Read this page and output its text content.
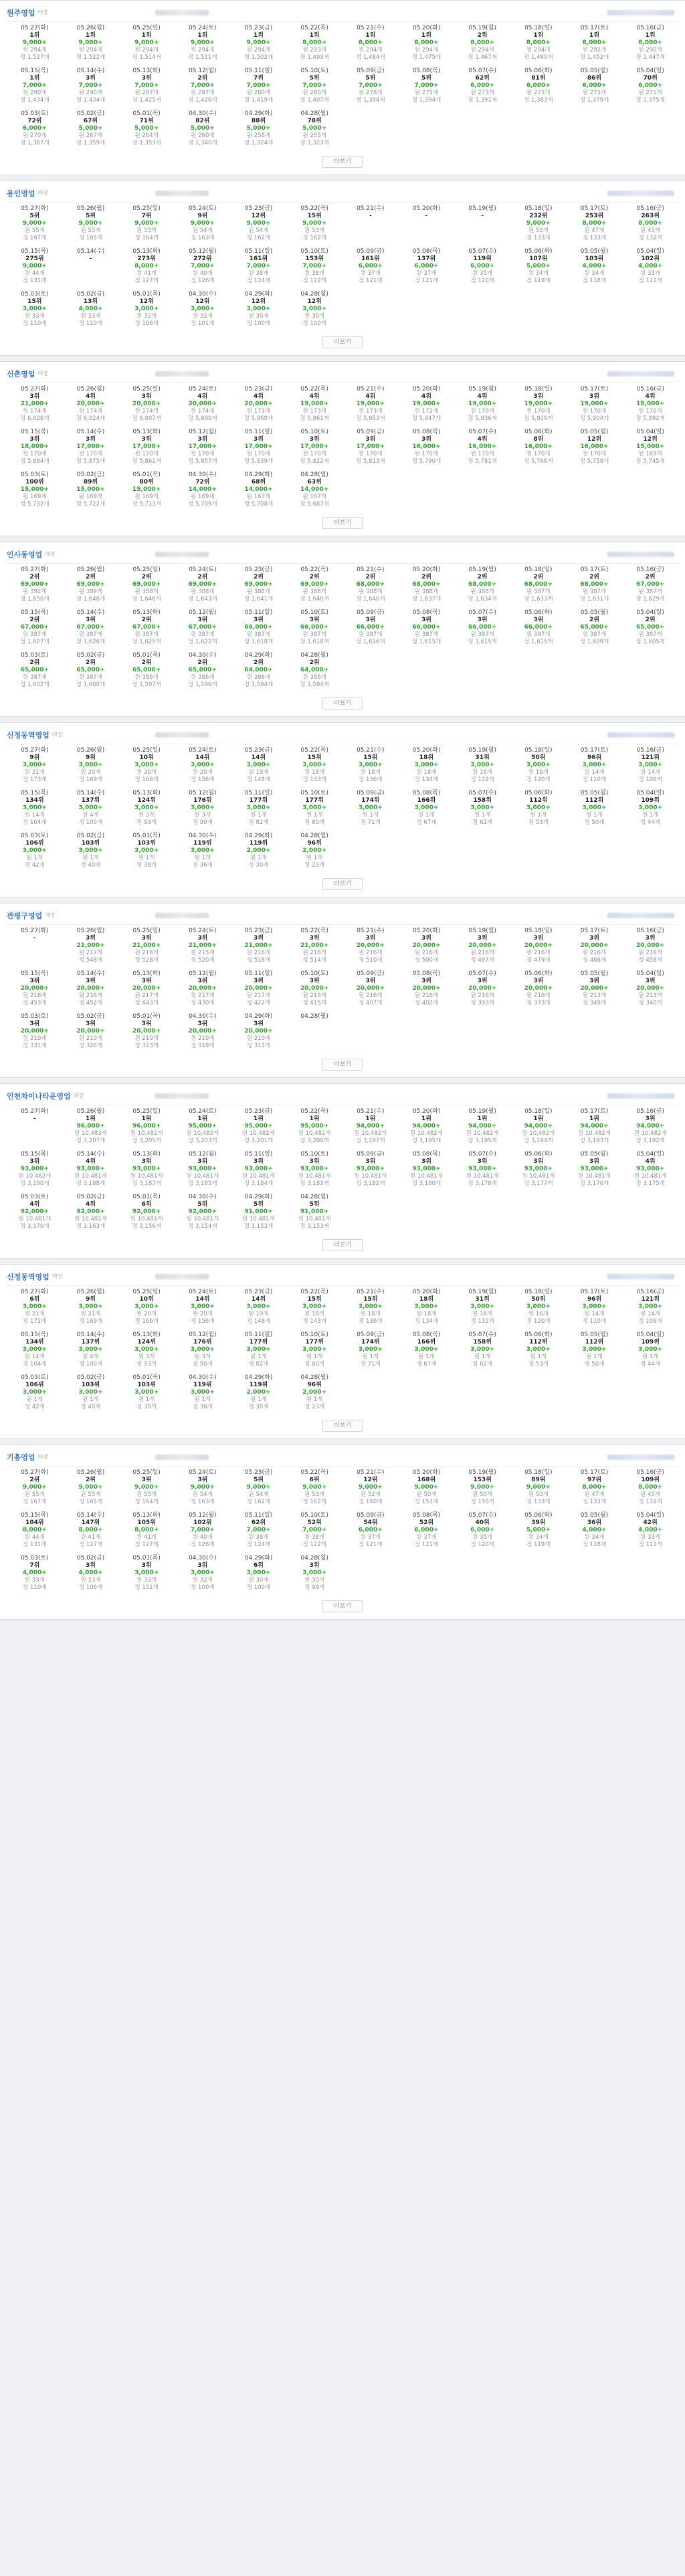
원주영업 매장
05.27(화)
1위
9,000+
원 294개
정 1,527개
05.26(월)
1위
9,000+
원 294개
정 1,522개
05.25(일)
1위
9,000+
원 294개
정 1,514개
05.24(토)
1위
9,000+
원 294개
정 1,511개
05.23(금)
1위
9,000+
원 294개
정 1,502개
05.22(목)
1위
8,000+
원 293개
정 1,493개
05.21(수)
1위
8,000+
원 294개
정 1,484개
05.20(화)
1위
8,000+
원 294개
정 1,475개
05.19(월)
2위
8,000+
원 294개
정 1,467개
05.18(일)
1위
8,000+
원 294개
정 1,460개
05.17(토)
1위
8,000+
원 292개
정 1,452개
05.16(금)
1위
8,000+
원 290개
정 1,447개
05.15(목)
1위
7,000+
원 290개
정 1,434개
05.14(수)
3위
7,000+
원 290개
정 1,434개
05.13(화)
3위
7,000+
원 287개
정 1,425개
05.12(월)
2위
7,000+
원 287개
정 1,426개
05.11(일)
7위
7,000+
원 280개
정 1,419개
05.10(토)
5위
7,000+
원 280개
정 1,407개
05.09(금)
5위
7,000+
원 278개
정 1,394개
05.08(목)
5위
7,000+
원 275개
정 1,394개
05.07(수)
62위
6,000+
원 273개
정 1,391개
05.06(화)
81위
6,000+
원 273개
정 1,383개
05.05(월)
86위
6,000+
원 273개
정 1,379개
05.04(일)
70위
6,000+
원 271개
정 1,375개
05.03(토)
72위
6,000+
원 270개
정 1,367개
05.02(금)
67위
5,000+
원 267개
정 1,359개
05.01(목)
71위
5,000+
원 264개
정 1,353개
04.30(수)
82위
5,000+
원 260개
정 1,340개
04.29(화)
88위
5,000+
원 258개
정 1,324개
04.28(월)
78위
5,000+
원 255개
정 1,323개
더보기
용인영업 매장
05.27(화)
5위
9,000+
원 55개
정 167개
05.26(월)
5위
9,000+
원 55개
정 165개
05.25(일)
7위
9,000+
원 55개
정 164개
05.24(토)
9위
9,000+
원 54개
정 163개
05.23(금)
12위
9,000+
원 54개
정 162개
05.22(목)
15위
9,000+
원 53개
정 162개
05.21(수)
-

05.20(화)
-

05.19(월)
-

05.18(일)
232위
9,000+
원 50개
정 133개
05.17(토)
253위
8,000+
원 47개
정 133개
05.16(금)
263위
8,000+
원 45개
정 132개
05.15(목)
275위
9,000+
원 44개
정 131개
05.14(수)
-

05.13(화)
273위
8,000+
원 41개
정 127개
05.12(월)
272위
7,000+
원 40개
정 126개
05.11(일)
161위
7,000+
원 38개
정 124개
05.10(토)
153위
7,000+
원 38개
정 122개
05.09(금)
161위
6,000+
원 37개
정 121개
05.08(목)
137위
6,000+
원 37개
정 121개
05.07(수)
119위
6,000+
원 35개
정 120개
05.06(화)
107위
5,000+
원 34개
정 119개
05.05(월)
103위
4,000+
원 34개
정 118개
05.04(일)
102위
4,000+
원 33개
정 111개
05.03(토)
15위
3,000+
원 33개
정 110개
05.02(금)
13위
4,000+
원 33개
정 110개
05.01(목)
12위
3,000+
원 32개
정 106개
04.30(수)
12위
3,000+
원 32개
정 101개
04.29(화)
12위
3,000+
원 30개
정 100개
04.28(월)
12위
3,000+
원 30개
정 100개
더보기
신촌영업 매장
05.27(화)
3위
21,000+
원 174개
정 6,026개
05.26(월)
4위
20,000+
원 174개
정 6,024개
05.25(일)
3위
20,000+
원 174개
정 6,007개
05.24(토)
4위
20,000+
원 174개
정 5,990개
05.23(금)
4위
20,000+
원 173개
정 5,968개
05.22(목)
4위
19,000+
원 173개
정 5,961개
05.21(수)
4위
19,000+
원 173개
정 5,953개
05.20(화)
4위
19,000+
원 172개
정 5,947개
05.19(월)
4위
19,000+
원 170개
정 5,936개
05.18(일)
3위
19,000+
원 170개
정 5,919개
05.17(토)
3위
19,000+
원 170개
정 5,904개
05.16(금)
4위
18,000+
원 170개
정 5,892개
05.15(목)
3위
18,000+
원 170개
정 5,884개
05.14(수)
3위
17,000+
원 170개
정 5,875개
05.13(화)
3위
17,000+
원 170개
정 5,861개
05.12(월)
3위
17,000+
원 170개
정 5,857개
05.11(일)
3위
17,000+
원 170개
정 5,839개
05.10(토)
3위
17,000+
원 170개
정 5,822개
05.09(금)
3위
17,000+
원 170개
정 5,813개
05.08(목)
3위
16,000+
원 170개
정 5,790개
05.07(수)
4위
16,000+
원 170개
정 5,781개
05.06(화)
8위
16,000+
원 170개
정 5,766개
05.05(월)
12위
16,000+
원 170개
정 5,758개
05.04(일)
12위
15,000+
원 169개
정 5,745개
05.03(토)
100위
15,000+
원 169개
정 5,732개
05.02(금)
89위
15,000+
원 169개
정 5,722개
05.01(목)
80위
15,000+
원 169개
정 5,713개
04.30(수)
72위
14,000+
원 169개
정 5,709개
04.29(화)
68위
14,000+
원 167개
정 5,708개
04.28(월)
63위
14,000+
원 167개
정 5,687개
더보기
인사동영업 매장
05.27(화)
2위
69,000+
원 392개
정 1,650개
05.26(월)
2위
69,000+
원 389개
정 1,648개
05.25(일)
2위
69,000+
원 388개
정 1,646개
05.24(토)
2위
69,000+
원 388개
정 1,643개
05.23(금)
2위
69,000+
원 388개
정 1,641개
05.22(목)
2위
69,000+
원 388개
정 1,640개
05.21(수)
2위
68,000+
원 388개
정 1,640개
05.20(화)
2위
68,000+
원 388개
정 1,637개
05.19(월)
2위
68,000+
원 388개
정 1,634개
05.18(일)
2위
68,000+
원 387개
정 1,633개
05.17(토)
2위
68,000+
원 387개
정 1,631개
05.16(금)
2위
67,000+
원 387개
정 1,629개
05.15(목)
2위
67,000+
원 387개
정 1,627개
05.14(수)
3위
67,000+
원 387개
정 1,626개
05.13(화)
2위
67,000+
원 387개
정 1,625개
05.12(월)
3위
67,000+
원 387개
정 1,622개
05.11(일)
3위
66,000+
원 387개
정 1,618개
05.10(토)
3위
66,000+
원 387개
정 1,618개
05.09(금)
3위
66,000+
원 387개
정 1,616개
05.08(목)
3위
66,000+
원 387개
정 1,615개
05.07(수)
3위
66,000+
원 387개
정 1,615개
05.06(화)
3위
66,000+
원 387개
정 1,615개
05.05(월)
2위
65,000+
원 387개
정 1,609개
05.04(일)
2위
65,000+
원 387개
정 1,605개
05.03(토)
2위
65,000+
원 387개
정 1,602개
05.02(금)
2위
65,000+
원 387개
정 1,600개
05.01(목)
2위
65,000+
원 386개
정 1,597개
04.30(수)
2위
65,000+
원 386개
정 1,596개
04.29(화)
2위
64,000+
원 386개
정 1,594개
04.28(월)
2위
64,000+
원 386개
정 1,594개
더보기
신정동역영업 매장
05.27(화)
9위
3,000+
원 21개
정 173개
05.26(월)
9위
3,000+
원 20개
정 169개
05.25(일)
10위
3,000+
원 20개
정 166개
05.24(토)
14위
3,000+
원 20개
정 156개
05.23(금)
14위
3,000+
원 19개
정 148개
05.22(목)
15위
3,000+
원 18개
정 143개
05.21(수)
15위
3,000+
원 18개
정 136개
05.20(화)
18위
3,000+
원 18개
정 134개
05.19(월)
31위
3,000+
원 16개
정 132개
05.18(일)
50위
3,000+
원 16개
정 120개
05.17(토)
96위
3,000+
원 14개
정 110개
05.16(금)
121위
3,000+
원 14개
정 106개
05.15(목)
134위
3,000+
원 14개
정 104개
05.14(수)
137위
3,000+
원 4개
정 100개
05.13(화)
124위
3,000+
원 3개
정 93개
05.12(월)
176위
3,000+
원 3개
정 90개
05.11(일)
177위
3,000+
원 1개
정 82개
05.10(토)
177위
3,000+
원 1개
정 80개
05.09(금)
174위
3,000+
원 1개
정 71개
05.08(목)
166위
3,000+
원 1개
정 67개
05.07(수)
158위
3,000+
원 1개
정 62개
05.06(화)
112위
3,000+
원 1개
정 53개
05.05(월)
112위
3,000+
원 1개
정 50개
05.04(일)
109위
3,000+
원 1개
정 44개
05.03(토)
106위
3,000+
원 1개
정 42개
05.02(금)
103위
3,000+
원 1개
정 40개
05.01(목)
103위
3,000+
원 1개
정 38개
04.30(수)
119위
3,000+
원 1개
정 36개
04.29(화)
119위
2,000+
원 1개
정 30개
04.28(월)
96위
2,000+
원 1개
정 23개
더보기
관평구영업 매장
05.27(화)
-

05.26(월)
3위
21,000+
원 217개
정 548개
05.25(일)
3위
21,000+
원 216개
정 528개
05.24(토)
3위
21,000+
원 215개
정 520개
05.23(금)
3위
21,000+
원 216개
정 518개
05.22(목)
3위
21,000+
원 216개
정 514개
05.21(수)
3위
20,000+
원 216개
정 510개
05.20(화)
3위
20,000+
원 216개
정 500개
05.19(월)
3위
20,000+
원 216개
정 497개
05.18(일)
3위
20,000+
원 216개
정 479개
05.17(토)
3위
20,000+
원 216개
정 466개
05.16(금)
3위
20,000+
원 216개
정 458개
05.15(목)
3위
20,000+
원 216개
정 453개
05.14(수)
3위
20,000+
원 216개
정 452개
05.13(화)
3위
20,000+
원 217개
정 443개
05.12(월)
3위
20,000+
원 217개
정 430개
05.11(일)
3위
20,000+
원 217개
정 422개
05.10(토)
3위
20,000+
원 216개
정 415개
05.09(금)
3위
20,000+
원 216개
정 407개
05.08(목)
3위
20,000+
원 216개
정 402개
05.07(수)
3위
20,000+
원 216개
정 393개
05.06(화)
3위
20,000+
원 216개
정 373개
05.05(월)
3위
20,000+
원 213개
정 349개
05.04(일)
3위
20,000+
원 213개
정 340개
05.03(토)
3위
20,000+
원 210개
정 331개
05.02(금)
3위
20,000+
원 210개
정 326개
05.01(목)
3위
20,000+
원 210개
정 323개
04.30(수)
3위
20,000+
원 210개
정 319개
04.29(화)
3위
20,000+
원 210개
정 313개
04.28(월)

더보기
인천차이나타운영업 매장
05.27(화)
-

05.26(월)
1위
96,000+
원 10,483개
정 3,207개
05.25(일)
1위
96,000+
원 10,482개
정 3,205개
05.24(토)
1위
95,000+
원 10,482개
정 3,203개
05.23(금)
1위
95,000+
원 10,482개
정 3,201개
05.22(목)
1위
95,000+
원 10,482개
정 3,200개
05.21(수)
1위
94,000+
원 10,482개
정 3,197개
05.20(화)
1위
94,000+
원 10,482개
정 3,195개
05.19(월)
1위
94,000+
원 10,482개
정 3,195개
05.18(일)
1위
94,000+
원 10,482개
정 3,194개
05.17(토)
1위
94,000+
원 10,482개
정 3,193개
05.16(금)
3위
94,000+
원 10,482개
정 3,192개
05.15(목)
3위
93,000+
원 10,482개
정 3,190개
05.14(수)
4위
93,000+
원 10,481개
정 3,188개
05.13(화)
3위
93,000+
원 10,481개
정 3,187개
05.12(월)
3위
93,000+
원 10,481개
정 3,185개
05.11(일)
3위
93,000+
원 10,481개
정 3,184개
05.10(토)
3위
93,000+
원 10,481개
정 3,183개
05.09(금)
3위
93,000+
원 10,481개
정 3,182개
05.08(목)
3위
93,000+
원 10,481개
정 3,180개
05.07(수)
3위
93,000+
원 10,481개
정 3,178개
05.06(화)
3위
93,000+
원 10,481개
정 3,177개
05.05(월)
3위
93,000+
원 10,481개
정 3,176개
05.04(일)
4위
93,000+
원 10,481개
정 3,175개
05.03(토)
4위
92,000+
원 10,481개
정 3,170개
05.02(금)
4위
92,000+
원 10,481개
정 3,163개
05.01(목)
6위
92,000+
원 10,481개
정 3,156개
04.30(수)
5위
92,000+
원 10,481개
정 3,154개
04.29(화)
5위
91,000+
원 10,481개
정 3,153개
04.28(월)
5위
91,000+
원 10,481개
정 3,153개
더보기
신정동역영업 매장
05.27(화)
6위
3,000+
원 21개
정 172개
05.26(월)
9위
3,000+
원 21개
정 169개
05.25(일)
10위
3,000+
원 20개
정 166개
05.24(토)
14위
3,000+
원 20개
정 156개
05.23(금)
14위
3,000+
원 19개
정 148개
05.22(목)
15위
3,000+
원 18개
정 143개
05.21(수)
15위
3,000+
원 18개
정 136개
05.20(화)
18위
3,000+
원 18개
정 134개
05.19(월)
31위
3,000+
원 16개
정 132개
05.18(일)
50위
3,000+
원 16개
정 120개
05.17(토)
96위
3,000+
원 14개
정 110개
05.16(금)
121위
3,000+
원 14개
정 106개
05.15(목)
134위
3,000+
원 14개
정 104개
05.14(수)
137위
3,000+
원 4개
정 100개
05.13(화)
124위
3,000+
원 3개
정 93개
05.12(월)
176위
3,000+
원 3개
정 90개
05.11(일)
177위
3,000+
원 1개
정 82개
05.10(토)
177위
3,000+
원 1개
정 80개
05.09(금)
174위
3,000+
원 1개
정 71개
05.08(목)
166위
3,000+
원 1개
정 67개
05.07(수)
158위
3,000+
원 1개
정 62개
05.06(화)
112위
3,000+
원 1개
정 53개
05.05(월)
112위
3,000+
원 1개
정 50개
05.04(일)
109위
3,000+
원 1개
정 44개
05.03(토)
106위
3,000+
원 1개
정 42개
05.02(금)
103위
3,000+
원 1개
정 40개
05.01(목)
103위
3,000+
원 1개
정 38개
04.30(수)
119위
3,000+
원 1개
정 36개
04.29(화)
119위
2,000+
원 1개
정 30개
04.28(월)
96위
2,000+
원 1개
정 23개
더보기
기흥영업 매장
05.27(화)
2위
9,000+
원 55개
정 167개
05.26(월)
2위
9,000+
원 55개
정 165개
05.25(일)
3위
9,000+
원 55개
정 164개
05.24(토)
3위
9,000+
원 54개
정 163개
05.23(금)
5위
9,000+
원 54개
정 162개
05.22(목)
6위
9,000+
원 53개
정 162개
05.21(수)
12위
9,000+
원 52개
정 160개
05.20(화)
168위
9,000+
원 50개
정 153개
05.19(월)
153위
9,000+
원 50개
정 150개
05.18(일)
89위
9,000+
원 50개
정 133개
05.17(토)
97위
8,000+
원 47개
정 133개
05.16(금)
109위
8,000+
원 45개
정 132개
05.15(목)
104위
8,000+
원 44개
정 131개
05.14(수)
147위
8,000+
원 41개
정 127개
05.13(화)
105위
8,000+
원 41개
정 127개
05.12(월)
102위
7,000+
원 40개
정 126개
05.11(일)
62위
7,000+
원 38개
정 124개
05.10(토)
52위
7,000+
원 38개
정 122개
05.09(금)
54위
6,000+
원 37개
정 121개
05.08(목)
52위
6,000+
원 37개
정 121개
05.07(수)
40위
6,000+
원 35개
정 120개
05.06(화)
39위
5,000+
원 34개
정 119개
05.05(월)
36위
4,000+
원 34개
정 118개
05.04(일)
42위
4,000+
원 33개
정 111개
05.03(토)
7위
4,000+
원 33개
정 110개
05.02(금)
3위
4,000+
원 33개
정 106개
05.01(목)
3위
3,000+
원 32개
정 101개
04.30(수)
3위
3,000+
원 32개
정 100개
04.29(화)
6위
3,000+
원 30개
정 100개
04.28(월)
3위
3,000+
원 30개
정 99개
더보기
